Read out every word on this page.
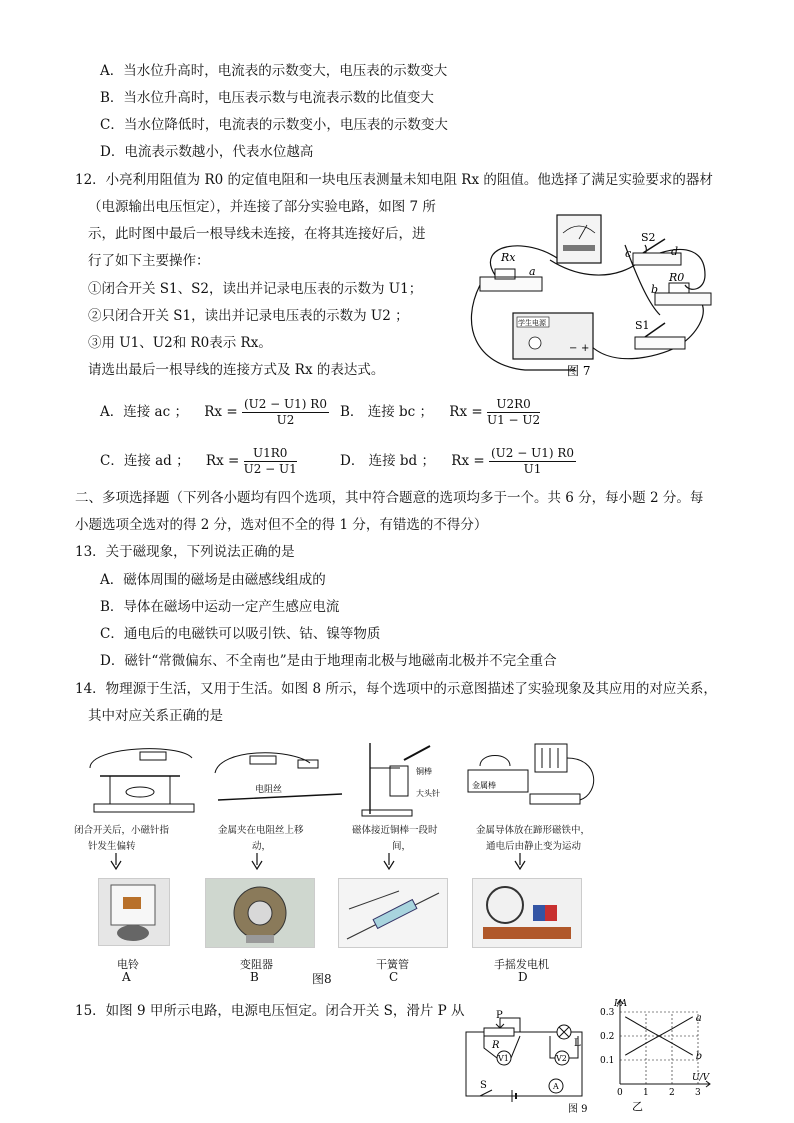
A．当水位升高时，电流表的示数变大，电压表的示数变大
B．当水位升高时，电压表示数与电流表示数的比值变大
C．当水位降低时，电流表的示数变小，电压表的示数变大
D．电流表示数越小，代表水位越高
12．小亮利用阻值为 R0 的定值电阻和一块电压表测量未知电阻 Rx 的阻值。他选择了满足实验要求的器材
（电源输出电压恒定），并连接了部分实验电路，如图 7 所
示，此时图中最后一根导线未连接，在将其连接好后，进
行了如下主要操作：
①闭合开关 S1、S2，读出并记录电压表的示数为 U1；
②只闭合开关 S1，读出并记录电压表的示数为 U2 ；
③用 U1、U2和 R0表示 Rx。
请选出最后一根导线的连接方式及 Rx 的表达式。
Rx
a
S2
c	d
R0
b
学生电源
− +
S1
图 7
A．连接 ac ； $Rx = \frac{(U2 - U1) R0}{U2}$ B． 连接 bc ； $Rx = \frac{U2R0}{U1 - U2}$
C．连接 ad ； $Rx = \frac{U1R0}{U2 - U1}$	D． 连接 bd ； $Rx = \frac{(U2 - U1) R0}{U1}$
二、多项选择题（下列各小题均有四个选项，其中符合题意的选项均多于一个。共 6 分，每小题 2 分。每
小题选项全选对的得 2 分，选对但不全的得 1 分，有错选的不得分）
13．关于磁现象，下列说法正确的是
A．磁体周围的磁场是由磁感线组成的
B．导体在磁场中运动一定产生感应电流
C．通电后的电磁铁可以吸引铁、钴、镍等物质
D．磁针“常微偏东、不全南也”是由于地理南北极与地磁南北极并不完全重合
14．物理源于生活，又用于生活。如图 8 所示，每个选项中的示意图描述了实验现象及其应用的对应关系，
其中对应关系正确的是
电阻丝
铜棒
大头针
金属棒
闭合开关后，小磁针指
针发生偏转
金属夹在电阻丝上移
动，
磁体接近铜棒一段时
间，
金属导体放在蹄形磁铁中，
通电后由静止变为运动
电铃
A
变阻器
B	图8
干簧管
C
手摇发电机
D
15．如图 9 甲所示电路，电源电压恒定。闭合开关 S，滑片 P 从	P
R	L
V1	V2
A
S
图 9
I/A
U/V
0.3
0.2
0.1
0 1 2 3
a
b
乙
